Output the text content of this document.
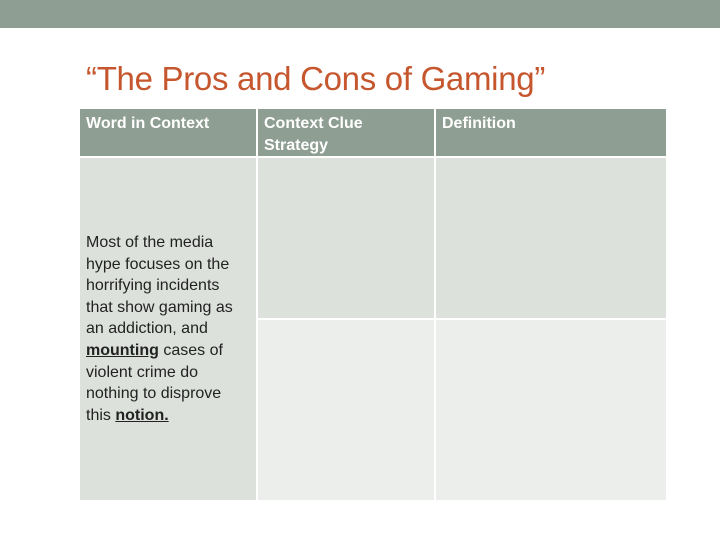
“The Pros and Cons of Gaming”
Word in Context	Context Clue Strategy	Definition
Most of the media hype focuses on the horrifying incidents that show gaming as an addiction, and mounting cases of violent crime do nothing to disprove this notion.		
